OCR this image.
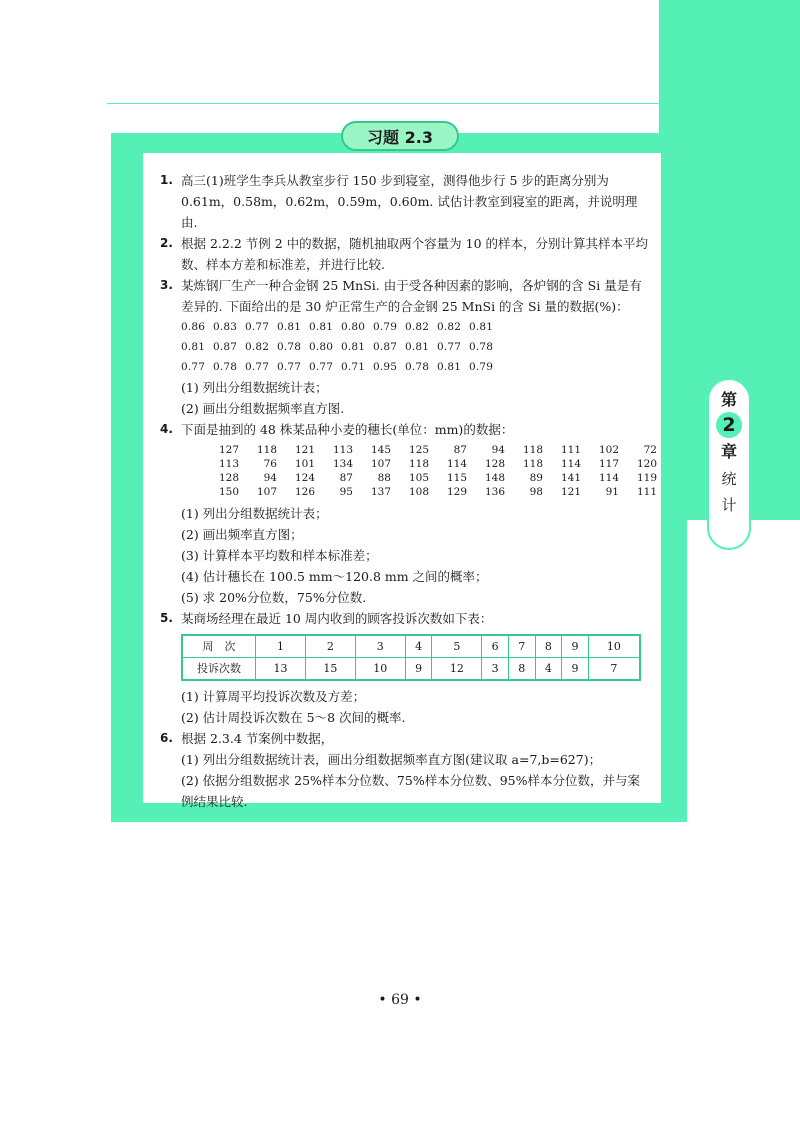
第
2
章
统 计
习题 2.3
1. 高三(1)班学生李兵从教室步行 150 步到寝室，测得他步行 5 步的距离分别为 0.61m，0.58m，0.62m，0.59m，0.60m. 试估计教室到寝室的距离，并说明理由.

2. 根据 2.2.2 节例 2 中的数据，随机抽取两个容量为 10 的样本，分别计算其样本平均数、样本方差和标准差，并进行比较.

3. 某炼钢厂生产一种合金钢 25 MnSi. 由于受各种因素的影响，各炉钢的含 Si 量是有差异的. 下面给出的是 30 炉正常生产的合金钢 25 MnSi 的含 Si 量的数据(%)：

0.86 0.83 0.77 0.81 0.81 0.80 0.79 0.82 0.82 0.81
0.81 0.87 0.82 0.78 0.80 0.81 0.87 0.81 0.77 0.78
0.77 0.78 0.77 0.77 0.77 0.71 0.95 0.78 0.81 0.79

(1) 列出分组数据统计表；

(2) 画出分组数据频率直方图.

4. 下面是抽到的 48 株某品种小麦的穗长(单位：mm)的数据：

127	118	121	113	145	125	87	94	118	111	102	72
113	76	101	134	107	118	114	128	118	114	117	120
128	94	124	87	88	105	115	148	89	141	114	119
150	107	126	95	137	108	129	136	98	121	91	111

(1) 列出分组数据统计表；

(2) 画出频率直方图；

(3) 计算样本平均数和样本标准差；

(4) 估计穗长在 100.5 mm～120.8 mm 之间的概率；

(5) 求 20%分位数，75%分位数.

5. 某商场经理在最近 10 周内收到的顾客投诉次数如下表：

周　次	1	2	3	4	5	6	7	8	9	10
投诉次数	13	15	10	9	12	3	8	4	9	7

(1) 计算周平均投诉次数及方差；

(2) 估计周投诉次数在 5～8 次间的概率.

6. 根据 2.3.4 节案例中数据，

(1) 列出分组数据统计表，画出分组数据频率直方图(建议取 a=7,b=627)；

(2) 依据分组数据求 25%样本分位数、75%样本分位数、95%样本分位数，并与案例结果比较.

• 69 •
